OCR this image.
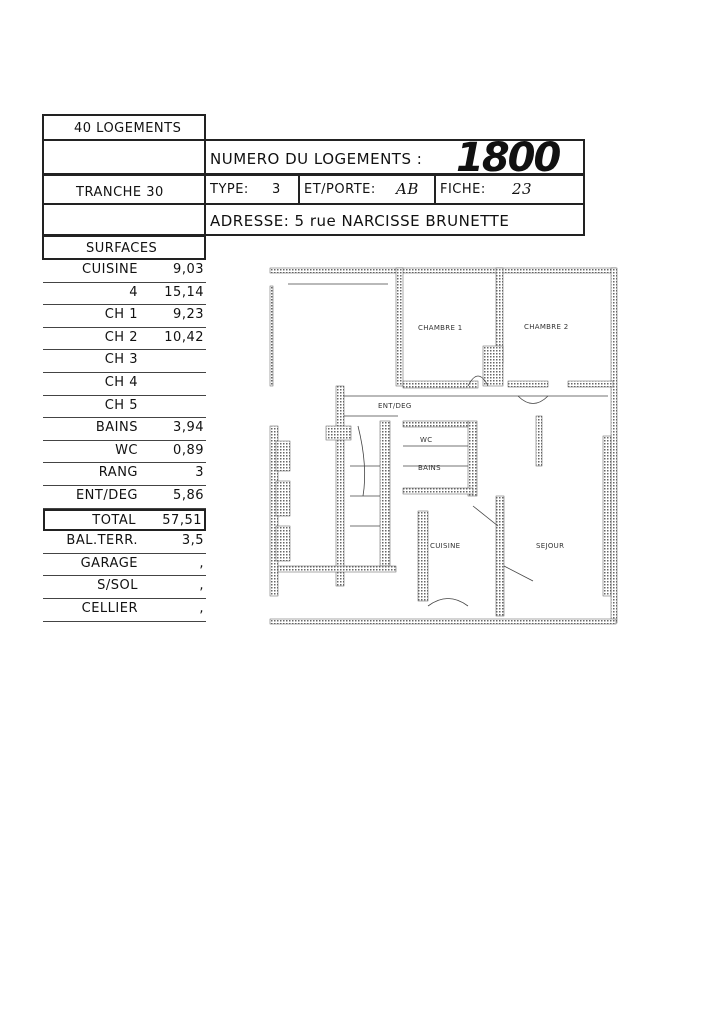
40 LOGEMENTS
NUMERO DU LOGEMENTS : 1800
TRANCHE 30	TYPE: 3 ET/PORTE: AB FICHE: 23
ADRESSE: 5 rue NARCISSE BRUNETTE
SURFACES
CUISINE	9,03
4 15,14
CH 1	9,23
CH 2 10,42
CH 3
CH 4
CH 5
BAINS	3,94
WC	0,89
RANG	3
ENT/DEG	5,86
TOTAL 57,51
BAL.TERR.	3,5
GARAGE	,
S/SOL	,
CELLIER	,
CHAMBRE 1	CHAMBRE 2
ENT/DEG
WC
BAINS
CUISINE	SEJOUR
